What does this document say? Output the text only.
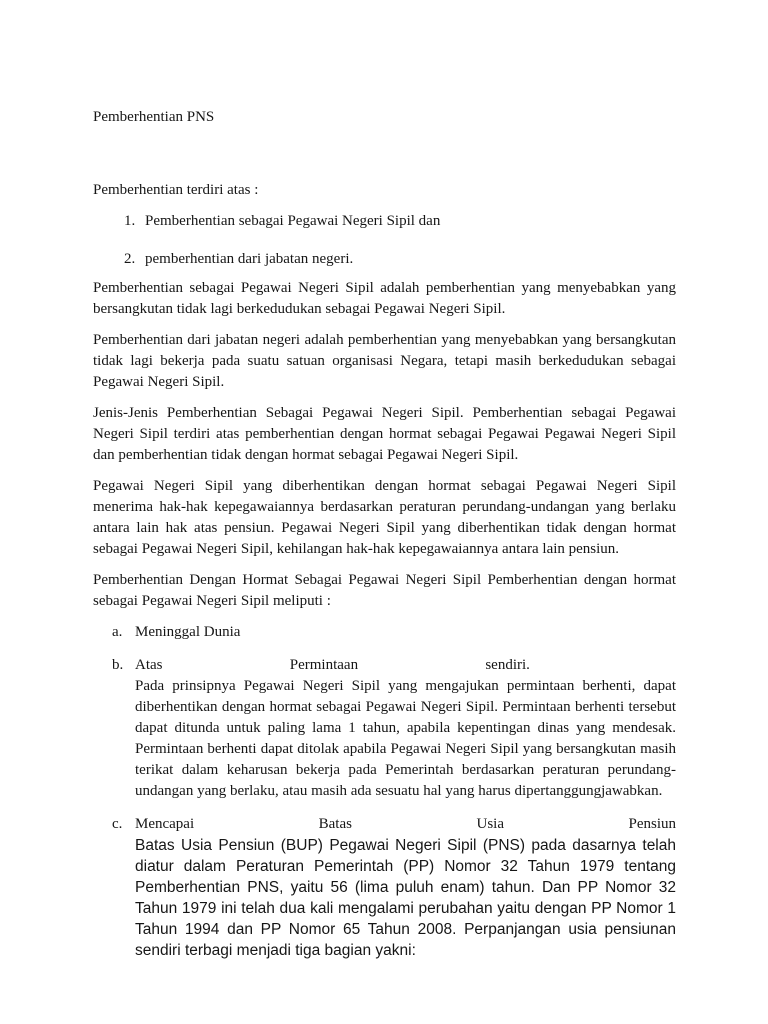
Pemberhentian PNS

Pemberhentian terdiri atas :

1. Pemberhentian sebagai Pegawai Negeri Sipil dan
2. pemberhentian dari jabatan negeri.

Pemberhentian sebagai Pegawai Negeri Sipil adalah pemberhentian yang menyebabkan yang bersangkutan tidak lagi berkedudukan sebagai Pegawai Negeri Sipil.

Pemberhentian dari jabatan negeri adalah pemberhentian yang menyebabkan yang bersangkutan tidak lagi bekerja pada suatu satuan organisasi Negara, tetapi masih berkedudukan sebagai Pegawai Negeri Sipil.

Jenis-Jenis Pemberhentian Sebagai Pegawai Negeri Sipil. Pemberhentian sebagai Pegawai Negeri Sipil terdiri atas pemberhentian dengan hormat sebagai Pegawai Pegawai Negeri Sipil dan pemberhentian tidak dengan hormat sebagai Pegawai Negeri Sipil.

Pegawai Negeri Sipil yang diberhentikan dengan hormat sebagai Pegawai Negeri Sipil menerima hak-hak kepegawaiannya berdasarkan peraturan perundang-undangan yang berlaku antara lain hak atas pensiun. Pegawai Negeri Sipil yang diberhentikan tidak dengan hormat sebagai Pegawai Negeri Sipil, kehilangan hak-hak kepegawaiannya antara lain pensiun.

Pemberhentian Dengan Hormat Sebagai Pegawai Negeri Sipil Pemberhentian dengan hormat sebagai Pegawai Negeri Sipil meliputi :

a. Meninggal Dunia
b. Atas Permintaan sendiri.
Pada prinsipnya Pegawai Negeri Sipil yang mengajukan permintaan berhenti, dapat diberhentikan dengan hormat sebagai Pegawai Negeri Sipil. Permintaan berhenti tersebut dapat ditunda untuk paling lama 1 tahun, apabila kepentingan dinas yang mendesak. Permintaan berhenti dapat ditolak apabila Pegawai Negeri Sipil yang bersangkutan masih terikat dalam keharusan bekerja pada Pemerintah berdasarkan peraturan perundang-undangan yang berlaku, atau masih ada sesuatu hal yang harus dipertanggungjawabkan.
c. Mencapai Batas Usia Pensiun
Batas Usia Pensiun (BUP) Pegawai Negeri Sipil (PNS) pada dasarnya telah diatur dalam Peraturan Pemerintah (PP) Nomor 32 Tahun 1979 tentang Pemberhentian PNS, yaitu 56 (lima puluh enam) tahun. Dan PP Nomor 32 Tahun 1979 ini telah dua kali mengalami perubahan yaitu dengan PP Nomor 1 Tahun 1994 dan PP Nomor 65 Tahun 2008. Perpanjangan usia pensiunan sendiri terbagi menjadi tiga bagian yakni:
